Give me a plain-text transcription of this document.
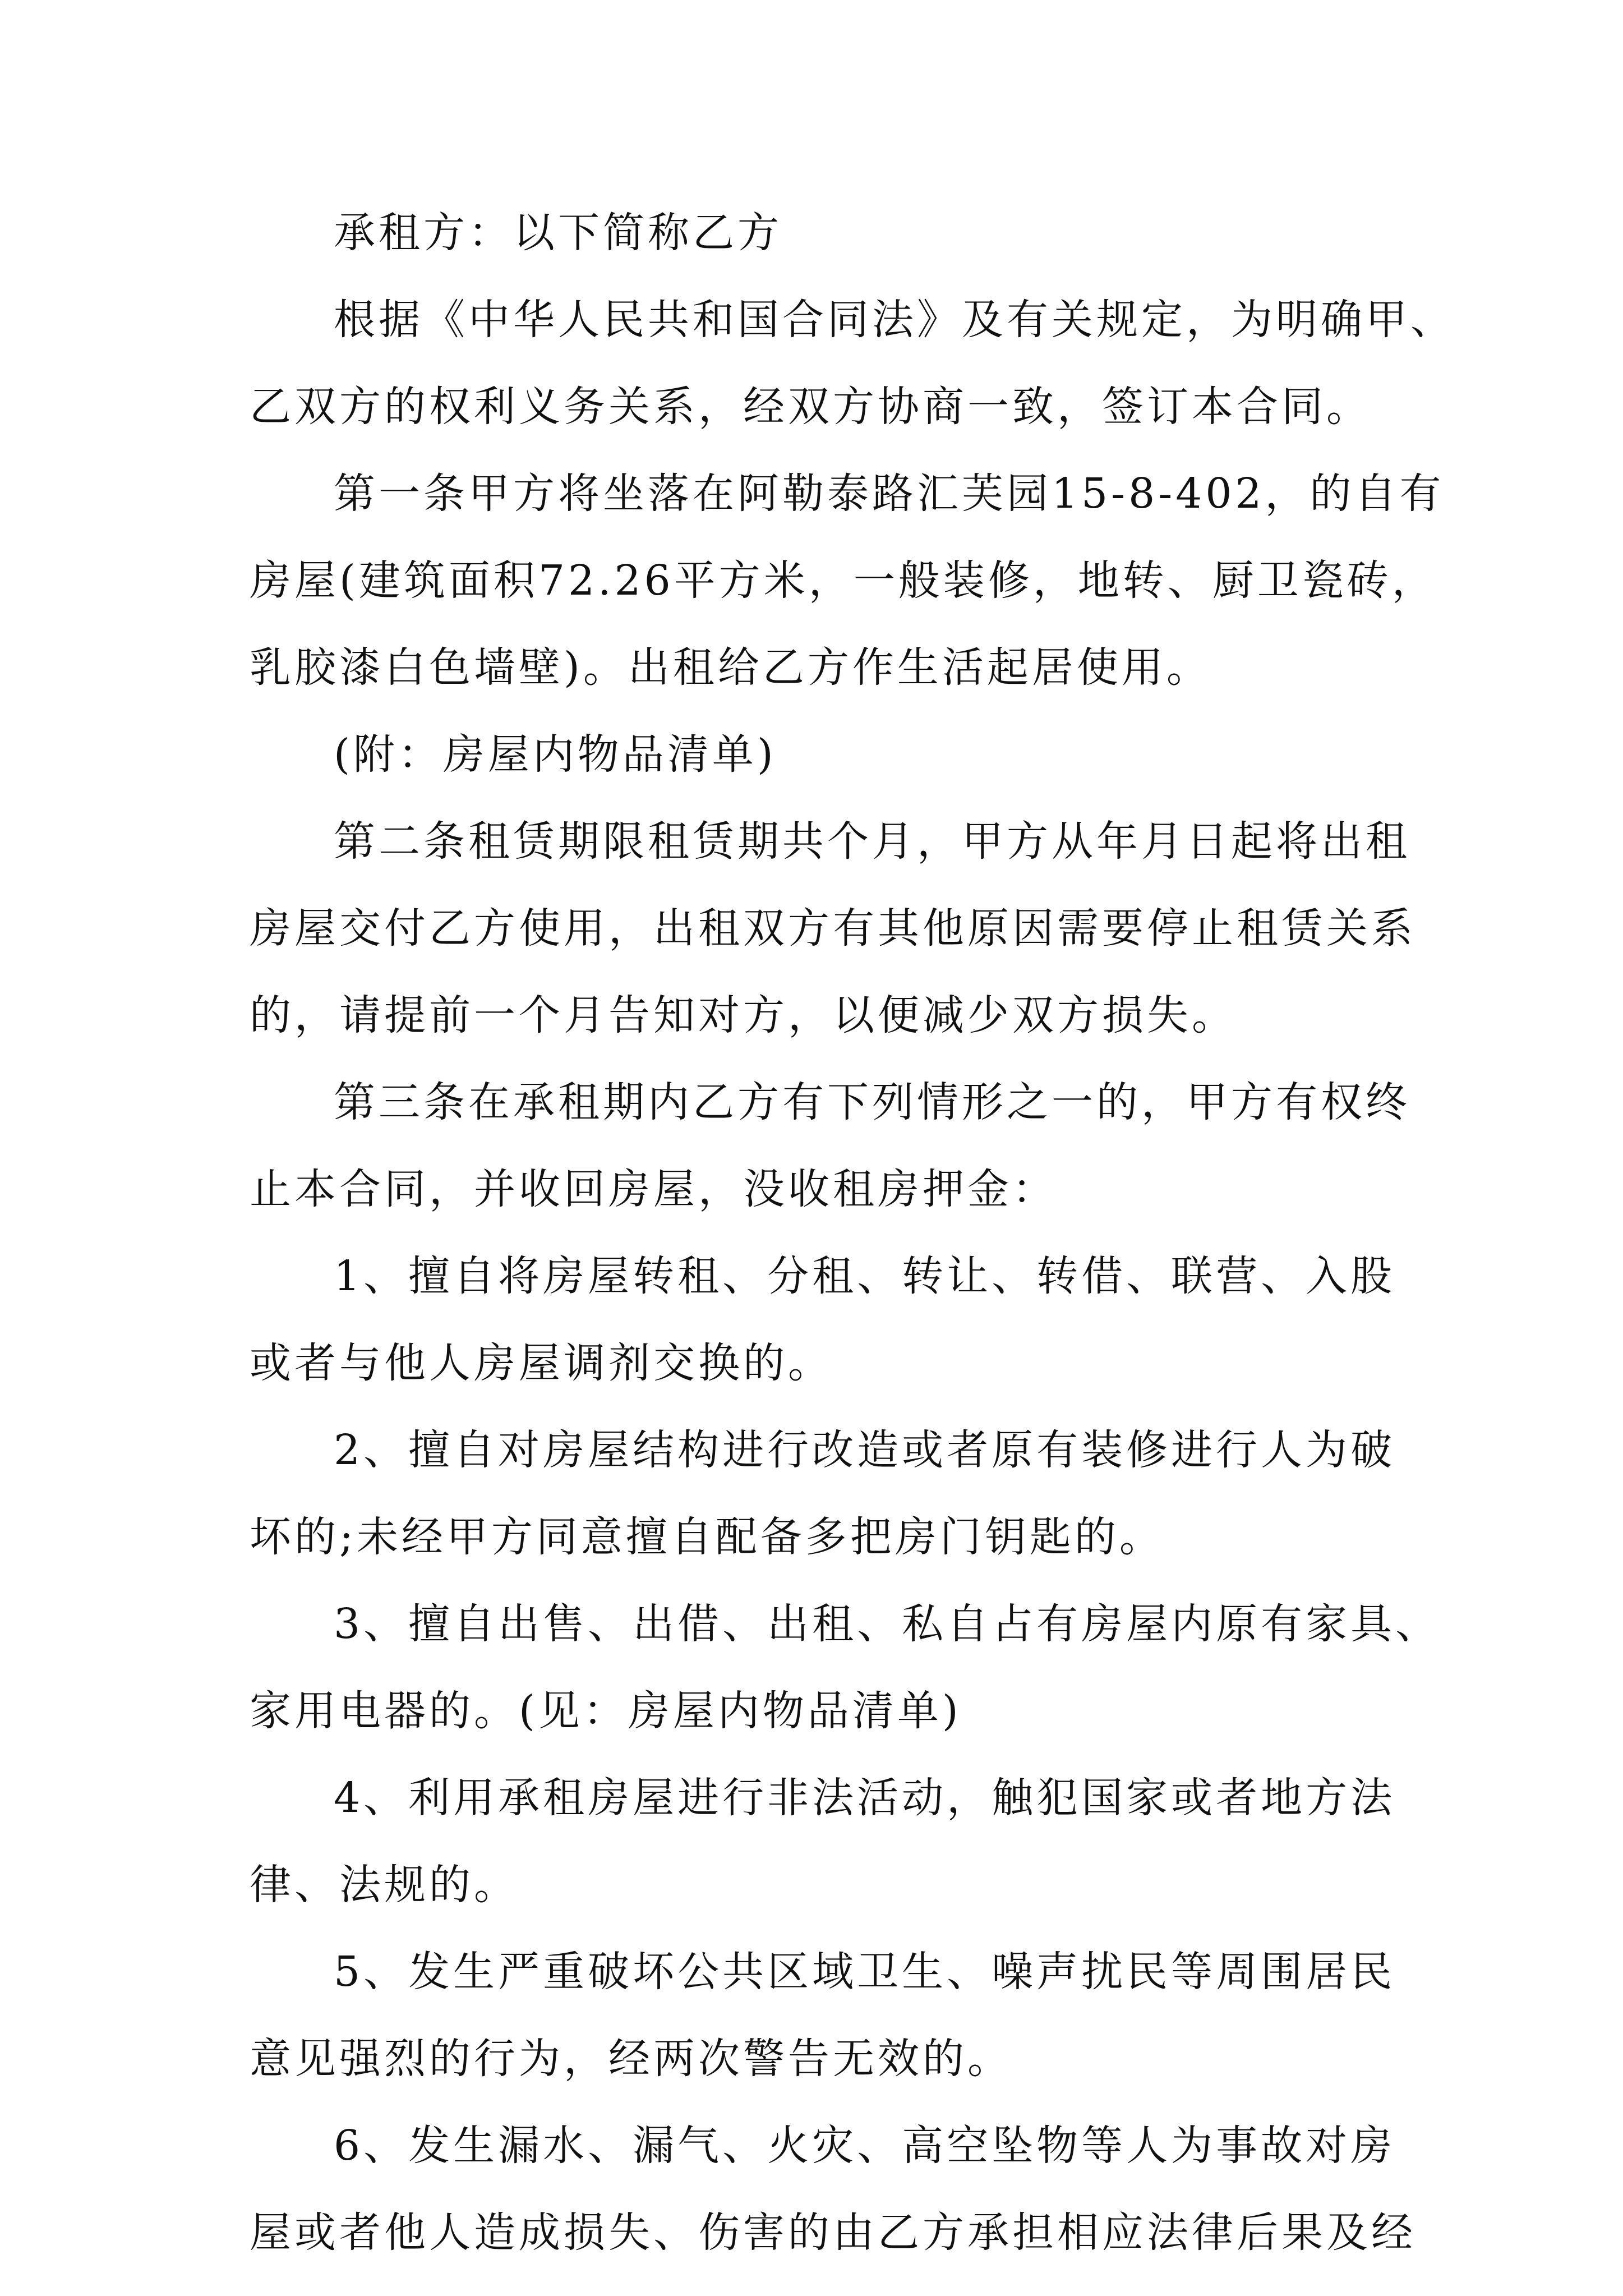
承租方：以下简称乙方
根据《中华人民共和国合同法》及有关规定，为明确甲、
乙双方的权利义务关系，经双方协商一致，签订本合同。
第一条甲方将坐落在阿勒泰路汇芙园15-8-402，的自有
房屋(建筑面积72.26平方米，一般装修，地转、厨卫瓷砖，
乳胶漆白色墙壁)。出租给乙方作生活起居使用。
(附：房屋内物品清单)
第二条租赁期限租赁期共个月，甲方从年月日起将出租
房屋交付乙方使用，出租双方有其他原因需要停止租赁关系
的，请提前一个月告知对方，以便减少双方损失。
第三条在承租期内乙方有下列情形之一的，甲方有权终
止本合同，并收回房屋，没收租房押金：
1、擅自将房屋转租、分租、转让、转借、联营、入股
或者与他人房屋调剂交换的。
2、擅自对房屋结构进行改造或者原有装修进行人为破
坏的;未经甲方同意擅自配备多把房门钥匙的。
3、擅自出售、出借、出租、私自占有房屋内原有家具、
家用电器的。(见：房屋内物品清单)
4、利用承租房屋进行非法活动，触犯国家或者地方法
律、法规的。
5、发生严重破坏公共区域卫生、噪声扰民等周围居民
意见强烈的行为，经两次警告无效的。
6、发生漏水、漏气、火灾、高空坠物等人为事故对房
屋或者他人造成损失、伤害的由乙方承担相应法律后果及经
